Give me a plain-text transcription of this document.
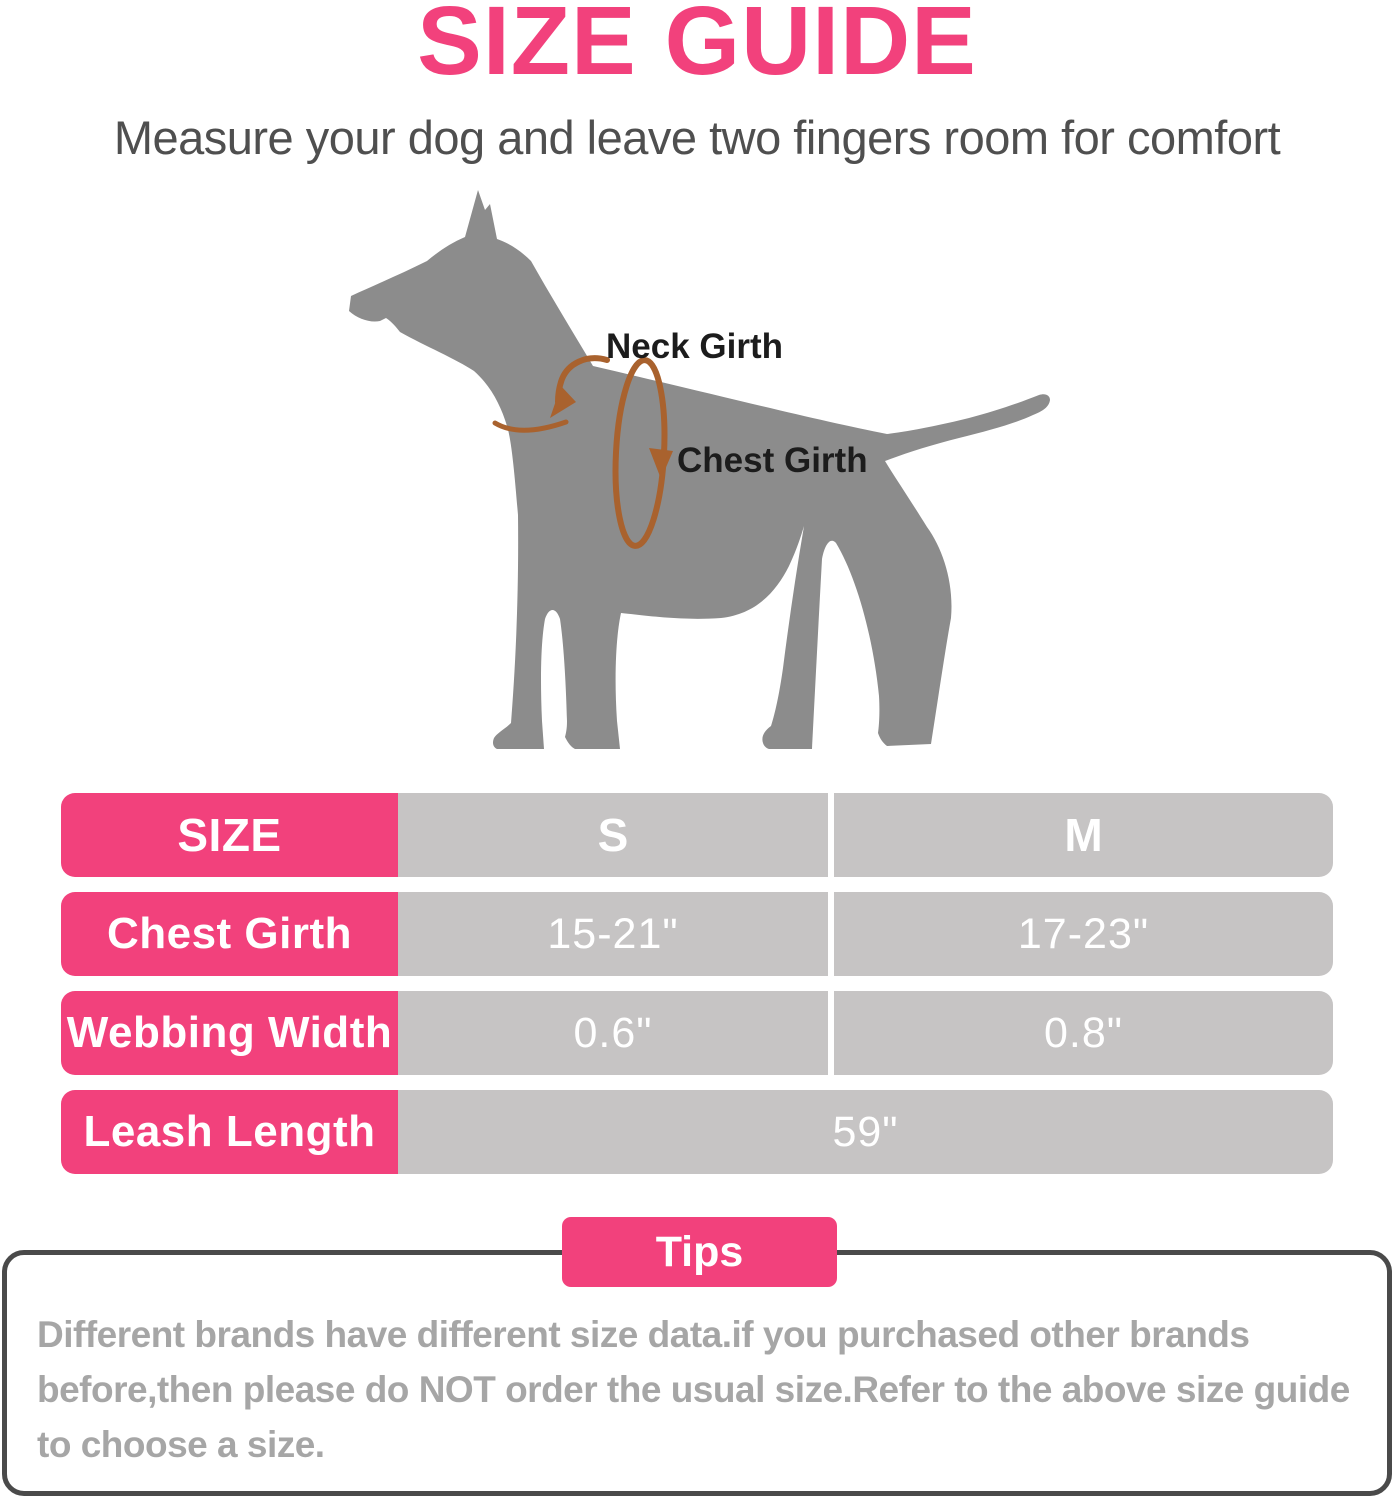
SIZE GUIDE
Measure your dog and leave two fingers room for comfort
Neck Girth
Chest Girth
SIZE	S	M
Chest Girth	15-21"	17-23"
Webbing Width	0.6"	0.8"
Leash Length	59"
Tips

Different brands have different size data.if you purchased other brands before,then please do NOT order the usual size.Refer to the above size guide to choose a size.
